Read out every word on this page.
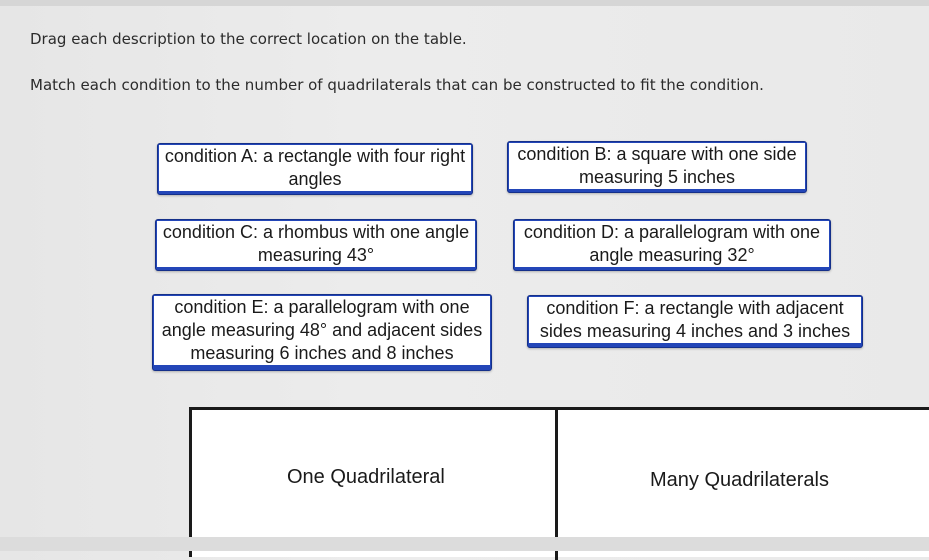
Drag each description to the correct location on the table.
Match each condition to the number of quadrilaterals that can be constructed to fit the condition.
condition A: a rectangle with four right angles
condition B: a square with one side measuring 5 inches
condition C: a rhombus with one angle measuring 43°
condition D: a parallelogram with one angle measuring 32°
condition E: a parallelogram with one angle measuring 48° and adjacent sides measuring 6 inches and 8 inches
condition F: a rectangle with adjacent sides measuring 4 inches and 3 inches
One Quadrilateral	Many Quadrilaterals
